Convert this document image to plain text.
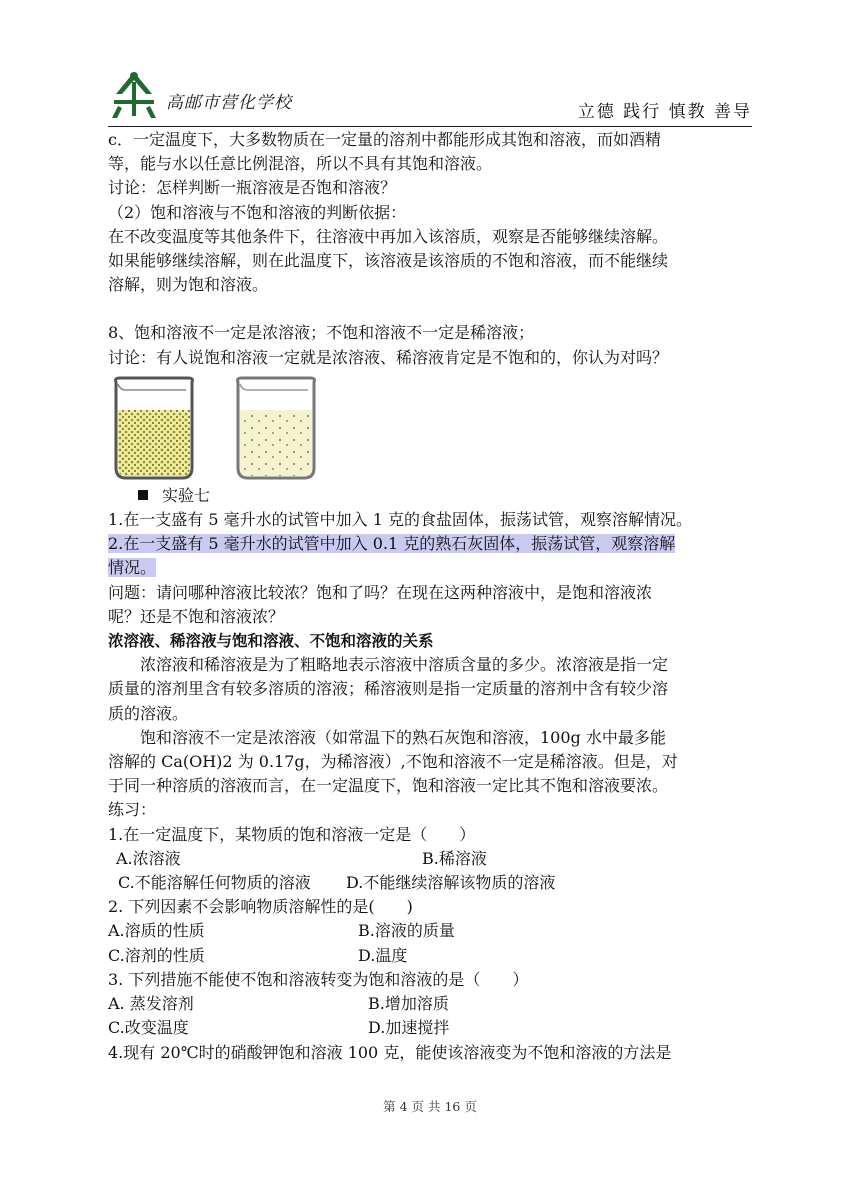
高邮市营化学校	立德 践行 慎教 善导

c．一定温度下，大多数物质在一定量的溶剂中都能形成其饱和溶液，而如酒精

等，能与水以任意比例混溶，所以不具有其饱和溶液。

讨论：怎样判断一瓶溶液是否饱和溶液？

（2）饱和溶液与不饱和溶液的判断依据：

在不改变温度等其他条件下，往溶液中再加入该溶质，观察是否能够继续溶解。

如果能够继续溶解，则在此温度下，该溶液是该溶质的不饱和溶液，而不能继续

溶解，则为饱和溶液。

8、饱和溶液不一定是浓溶液；不饱和溶液不一定是稀溶液；

讨论：有人说饱和溶液一定就是浓溶液、稀溶液肯定是不饱和的，你认为对吗？

实验七

1.在一支盛有 5 毫升水的试管中加入 1 克的食盐固体，振荡试管，观察溶解情况。

2.在一支盛有 5 毫升水的试管中加入 0.1 克的熟石灰固体，振荡试管，观察溶解

情况。

问题：请问哪种溶液比较浓？饱和了吗？在现在这两种溶液中，是饱和溶液浓

呢？还是不饱和溶液浓？

浓溶液、稀溶液与饱和溶液、不饱和溶液的关系

浓溶液和稀溶液是为了粗略地表示溶液中溶质含量的多少。浓溶液是指一定

质量的溶剂里含有较多溶质的溶液；稀溶液则是指一定质量的溶剂中含有较少溶

质的溶液。

饱和溶液不一定是浓溶液（如常温下的熟石灰饱和溶液，100g 水中最多能

溶解的 Ca(OH)2 为 0.17g，为稀溶液）,不饱和溶液不一定是稀溶液。但是，对

于同一种溶质的溶液而言，在一定温度下，饱和溶液一定比其不饱和溶液要浓。

练习：

1.在一定温度下，某物质的饱和溶液一定是（　　）

A.浓溶液	B.稀溶液
C.不能溶解任何物质的溶液	D.不能继续溶解该物质的溶液

2. 下列因素不会影响物质溶解性的是(　　)

A.溶质的性质	B.溶液的质量
C.溶剂的性质	D.温度

3. 下列措施不能使不饱和溶液转变为饱和溶液的是（　　）

A. 蒸发溶剂	B.增加溶质
C.改变温度	D.加速搅拌

4.现有 20℃时的硝酸钾饱和溶液 100 克，能使该溶液变为不饱和溶液的方法是

第 4 页 共 16 页
